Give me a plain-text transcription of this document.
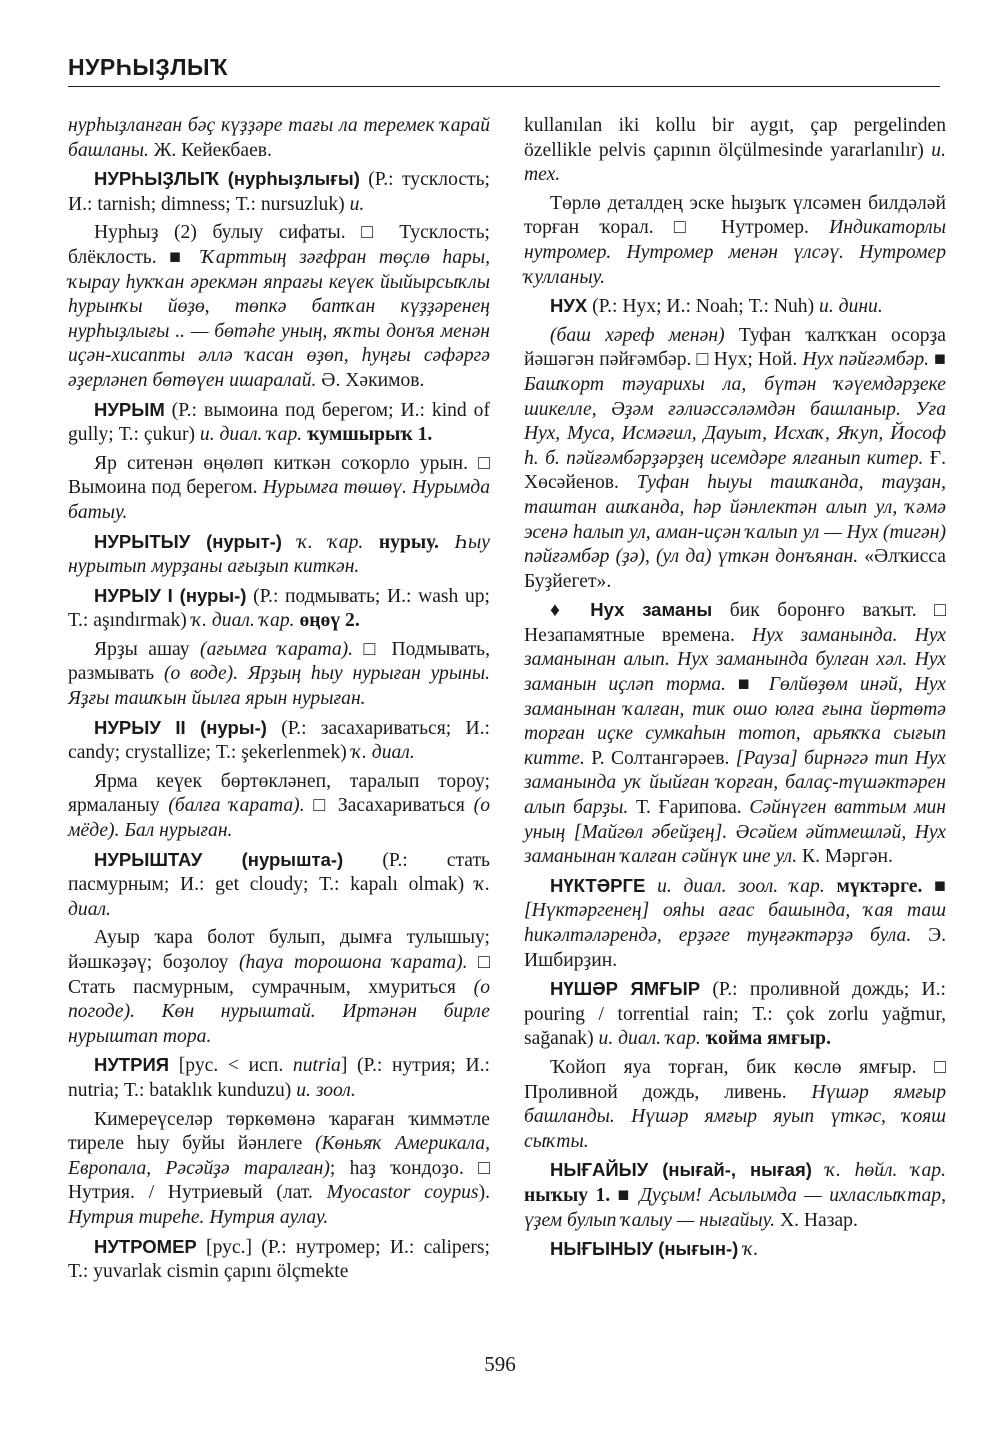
НУРҺЫҘЛЫҠ

нурһыҙланған бәҫ күҙҙәре тағы ла теремек ҡарай башланы. Ж. Кейекбаев.

НУРҺЫҘЛЫҠ (нурһыҙлығы) (Р.: тусклость; И.: tarnish; dimness; Т.: nursuzluk) и.

Нурһыҙ (2) булыу сифаты. □ Тусклость; блёклость. ■ Ҡарттың зәғфран төҫлө һары, ҡырау һуҡҡан әрекмән япрағы кеүек йыйырсыҡлы һурынҡы йөҙө, төпкә батҡан күҙҙәренең нурһыҙлығы .. — бөтәһе уның, яҡты донъя менән иҫән-хисапты әллә ҡасан өҙөп, һуңғы сәфәргә әҙерләнеп бөтөүен ишаралай. Ә. Хәкимов.

НУРЫМ (Р.: вымоина под берегом; И.: kind of gully; Т.: çukur) и. диал. ҡар. ҡумшырыҡ 1.

Яр ситенән өңөлөп киткән соҡорло урын. □ Вымоина под берегом. Нурымға төшөү. Нурымда батыу.

НУРЫТЫУ (нурыт-) ҡ. ҡар. нурыу. Һыу нурытып мурҙаны ағыҙып киткән.

НУРЫУ I (нуры-) (Р.: подмывать; И.: wash up; Т.: aşındırmak) ҡ. диал. ҡар. өңөү 2.

Ярҙы ашау (ағымға ҡарата). □ Подмывать, размывать (о воде). Ярҙың һыу нурыған урыны. Яҙғы ташҡын йылға ярын нурыған.

НУРЫУ II (нуры-) (Р.: засахариваться; И.: candy; crystallize; Т.: şekerlenmek) ҡ. диал.

Ярма кеүек бөртөкләнеп, таралып тороу; ярмаланыу (балға ҡарата). □ Засахариваться (о мёде). Бал нурыған.

НУРЫШТАУ (нурышта-) (Р.: стать пасмурным; И.: get cloudy; Т.: kapalı olmak) ҡ. диал.

Ауыр ҡара болот булып, дымға тулышыу; йәшкәҙәү; боҙолоу (һауа торошона ҡарата). □ Стать пасмурным, сумрачным, хмуриться (о погоде). Көн нурыштай. Иртәнән бирле нурыштап тора.

НУТРИЯ [рус. < исп. nutria] (Р.: нутрия; И.: nutria; Т.: bataklık kunduzu) и. зоол.

Кимереүселәр төркөмөнә ҡараған ҡиммәтле тиреле һыу буйы йәнлеге (Көньяҡ Америкала, Европала, Рәсәйҙә таралған); һаҙ ҡондоҙо. □ Нутрия. / Нутриевый (лат. Myocastor coypus). Нутрия тиреһе. Нутрия аулау.

НУТРОМЕР [рус.] (Р.: нутромер; И.: calipers; Т.: yuvarlak cismin çapını ölçmekte

kullanılan iki kollu bir aygıt, çap pergelinden özellikle pelvis çapının ölçülmesinde yararlanılır) и. тех.

Төрлө деталдең эске һыҙыҡ үлсәмен билдәләй торған ҡорал. □ Нутромер. Индикаторлы нутромер. Нутромер менән үлсәү. Нутромер ҡулланыу.

НУХ (Р.: Нух; И.: Noah; Т.: Nuh) и. дини.

(баш хәреф менән) Туфан ҡалҡҡан осорҙа йәшәгән пәйғәмбәр. □ Нух; Ной. Нух пәйғәмбәр. ■ Башҡорт тәуарихы ла, бүтән ҡәүемдәрҙеке шикелле, Әҙәм ғәлиәссәләмдән башланыр. Уға Нух, Муса, Исмәғил, Дауыт, Исхаҡ, Яҡуп, Йософ һ. б. пәйғәмбәрҙәрҙең исемдәре ялғанып китер. Ғ. Хөсәйенов. Туфан һыуы ташҡанда, тауҙан, таштан ашҡанда, һәр йәнлектән алып ул, ҡәмә эсенә һалып ул, аман-иҫән ҡалып ул — Нух (тигән) пәйғәмбәр (ҙә), (ул да) үткән донъянан. «Әлҡисса Буҙйегет».

♦ Нух заманы бик боронғо ваҡыт. □ Незапамятные времена. Нух заманында. Нух заманынан алып. Нух заманында булған хәл. Нух заманын иҫләп торма. ■ Гөлйөҙөм инәй, Нух заманынан ҡалған, тик ошо юлға ғына йөртөтә торған иҫке сумкаһын тотоп, арьяҡҡа сығып китте. Р. Солтангәрәев. [Рауза] бирнәгә тип Нух заманында уҡ йыйған ҡорған, балаҫ-түшәктәрен алып барҙы. Т. Ғарипова. Сәйнүген ваттым мин уның [Майгөл әбейҙең]. Әсәйем әйтмешләй, Нух заманынан ҡалған сәйнүк ине ул. К. Мәргән.

НҮКТӘРГЕ и. диал. зоол. ҡар. мүктәрге. ■ [Нүктәргенең] ояһы ағас башында, ҡая таш һикәлтәләрендә, ерҙәге туңғәктәрҙә була. Э. Ишбирҙин.

НҮШӘР ЯМҒЫР (Р.: проливной дождь; И.: pouring / torrential rain; Т.: çok zorlu yağmur, sağanak) и. диал. ҡар. ҡойма ямғыр.

Ҡойоп яуа торған, бик көслө ямғыр. □ Проливной дождь, ливень. Нүшәр ямғыр башланды. Нүшәр ямғыр яуып үткәс, ҡояш сыҡты.

НЫҒАЙЫУ (нығай-, нығая) ҡ. һөйл. ҡар. ныҡыу 1. ■ Дуҫым! Асылымда — ихласлыҡтар, үҙем булып ҡалыу — нығайыу. Х. Назар.

НЫҒЫНЫУ (нығын-) ҡ.

596
